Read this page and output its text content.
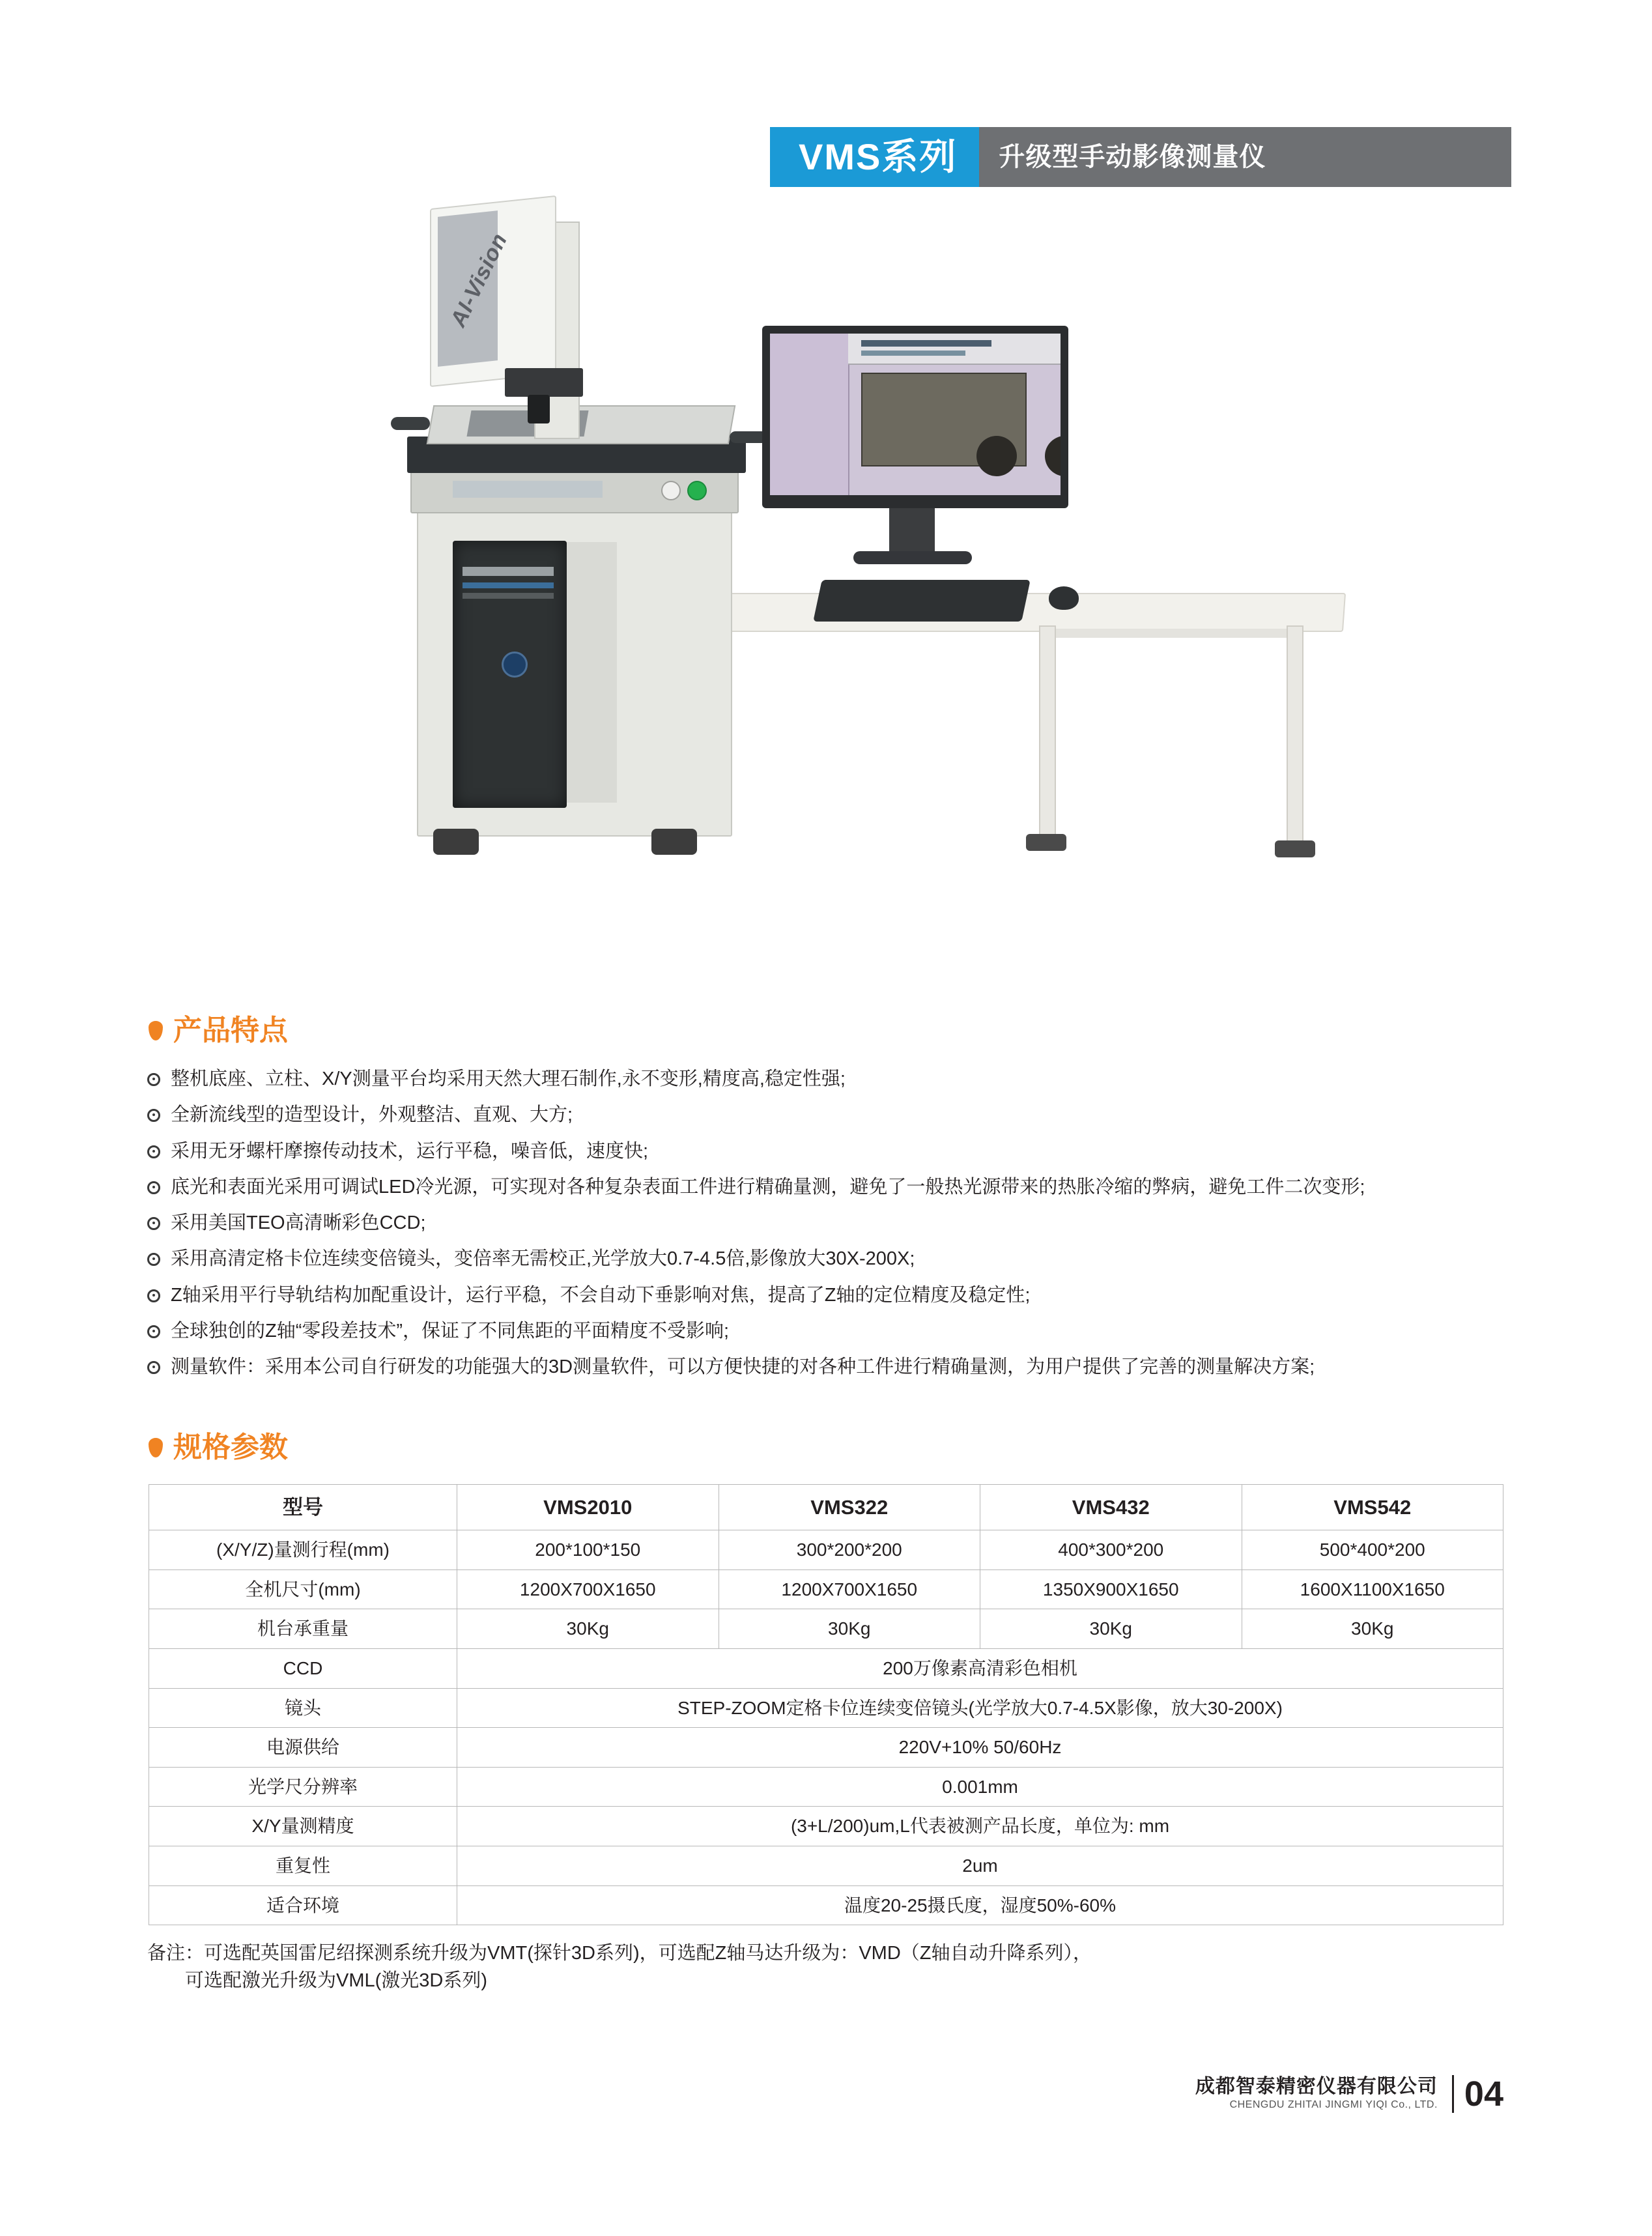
VMS系列 升级型手动影像测量仪
AI-Vision
产品特点
整机底座、立柱、X/Y测量平台均采用天然大理石制作,永不变形,精度高,稳定性强;
全新流线型的造型设计，外观整洁、直观、大方;
采用无牙螺杆摩擦传动技术，运行平稳，噪音低，速度快;
底光和表面光采用可调试LED冷光源，可实现对各种复杂表面工件进行精确量测，避免了一般热光源带来的热胀冷缩的弊病，避免工件二次变形;
采用美国TEO高清晰彩色CCD;
采用高清定格卡位连续变倍镜头，变倍率无需校正,光学放大0.7-4.5倍,影像放大30X-200X;
Z轴采用平行导轨结构加配重设计，运行平稳，不会自动下垂影响对焦，提高了Z轴的定位精度及稳定性;
全球独创的Z轴“零段差技术”，保证了不同焦距的平面精度不受影响;
测量软件：采用本公司自行研发的功能强大的3D测量软件，可以方便快捷的对各种工件进行精确量测，为用户提供了完善的测量解决方案;
规格参数
型号	VMS2010	VMS322	VMS432	VMS542
(X/Y/Z)量测行程(mm)	200*100*150	300*200*200	400*300*200	500*400*200
全机尺寸(mm)	1200X700X1650	1200X700X1650	1350X900X1650	1600X1100X1650
机台承重量	30Kg	30Kg	30Kg	30Kg
CCD	200万像素高清彩色相机			
镜头	STEP-ZOOM定格卡位连续变倍镜头(光学放大0.7-4.5X影像，放大30-200X)			
电源供给	220V+10% 50/60Hz			
光学尺分辨率	0.001mm			
X/Y量测精度	(3+L/200)um,L代表被测产品长度，单位为: mm			
重复性	2um			
适合环境	温度20-25摄氏度，湿度50%-60%			
备注：可选配英国雷尼绍探测系统升级为VMT(探针3D系列)，可选配Z轴马达升级为：VMD（Z轴自动升降系列），
可选配激光升级为VML(激光3D系列)
成都智泰精密仪器有限公司
CHENGDU ZHITAI JINGMI YIQI Co., LTD. 04
